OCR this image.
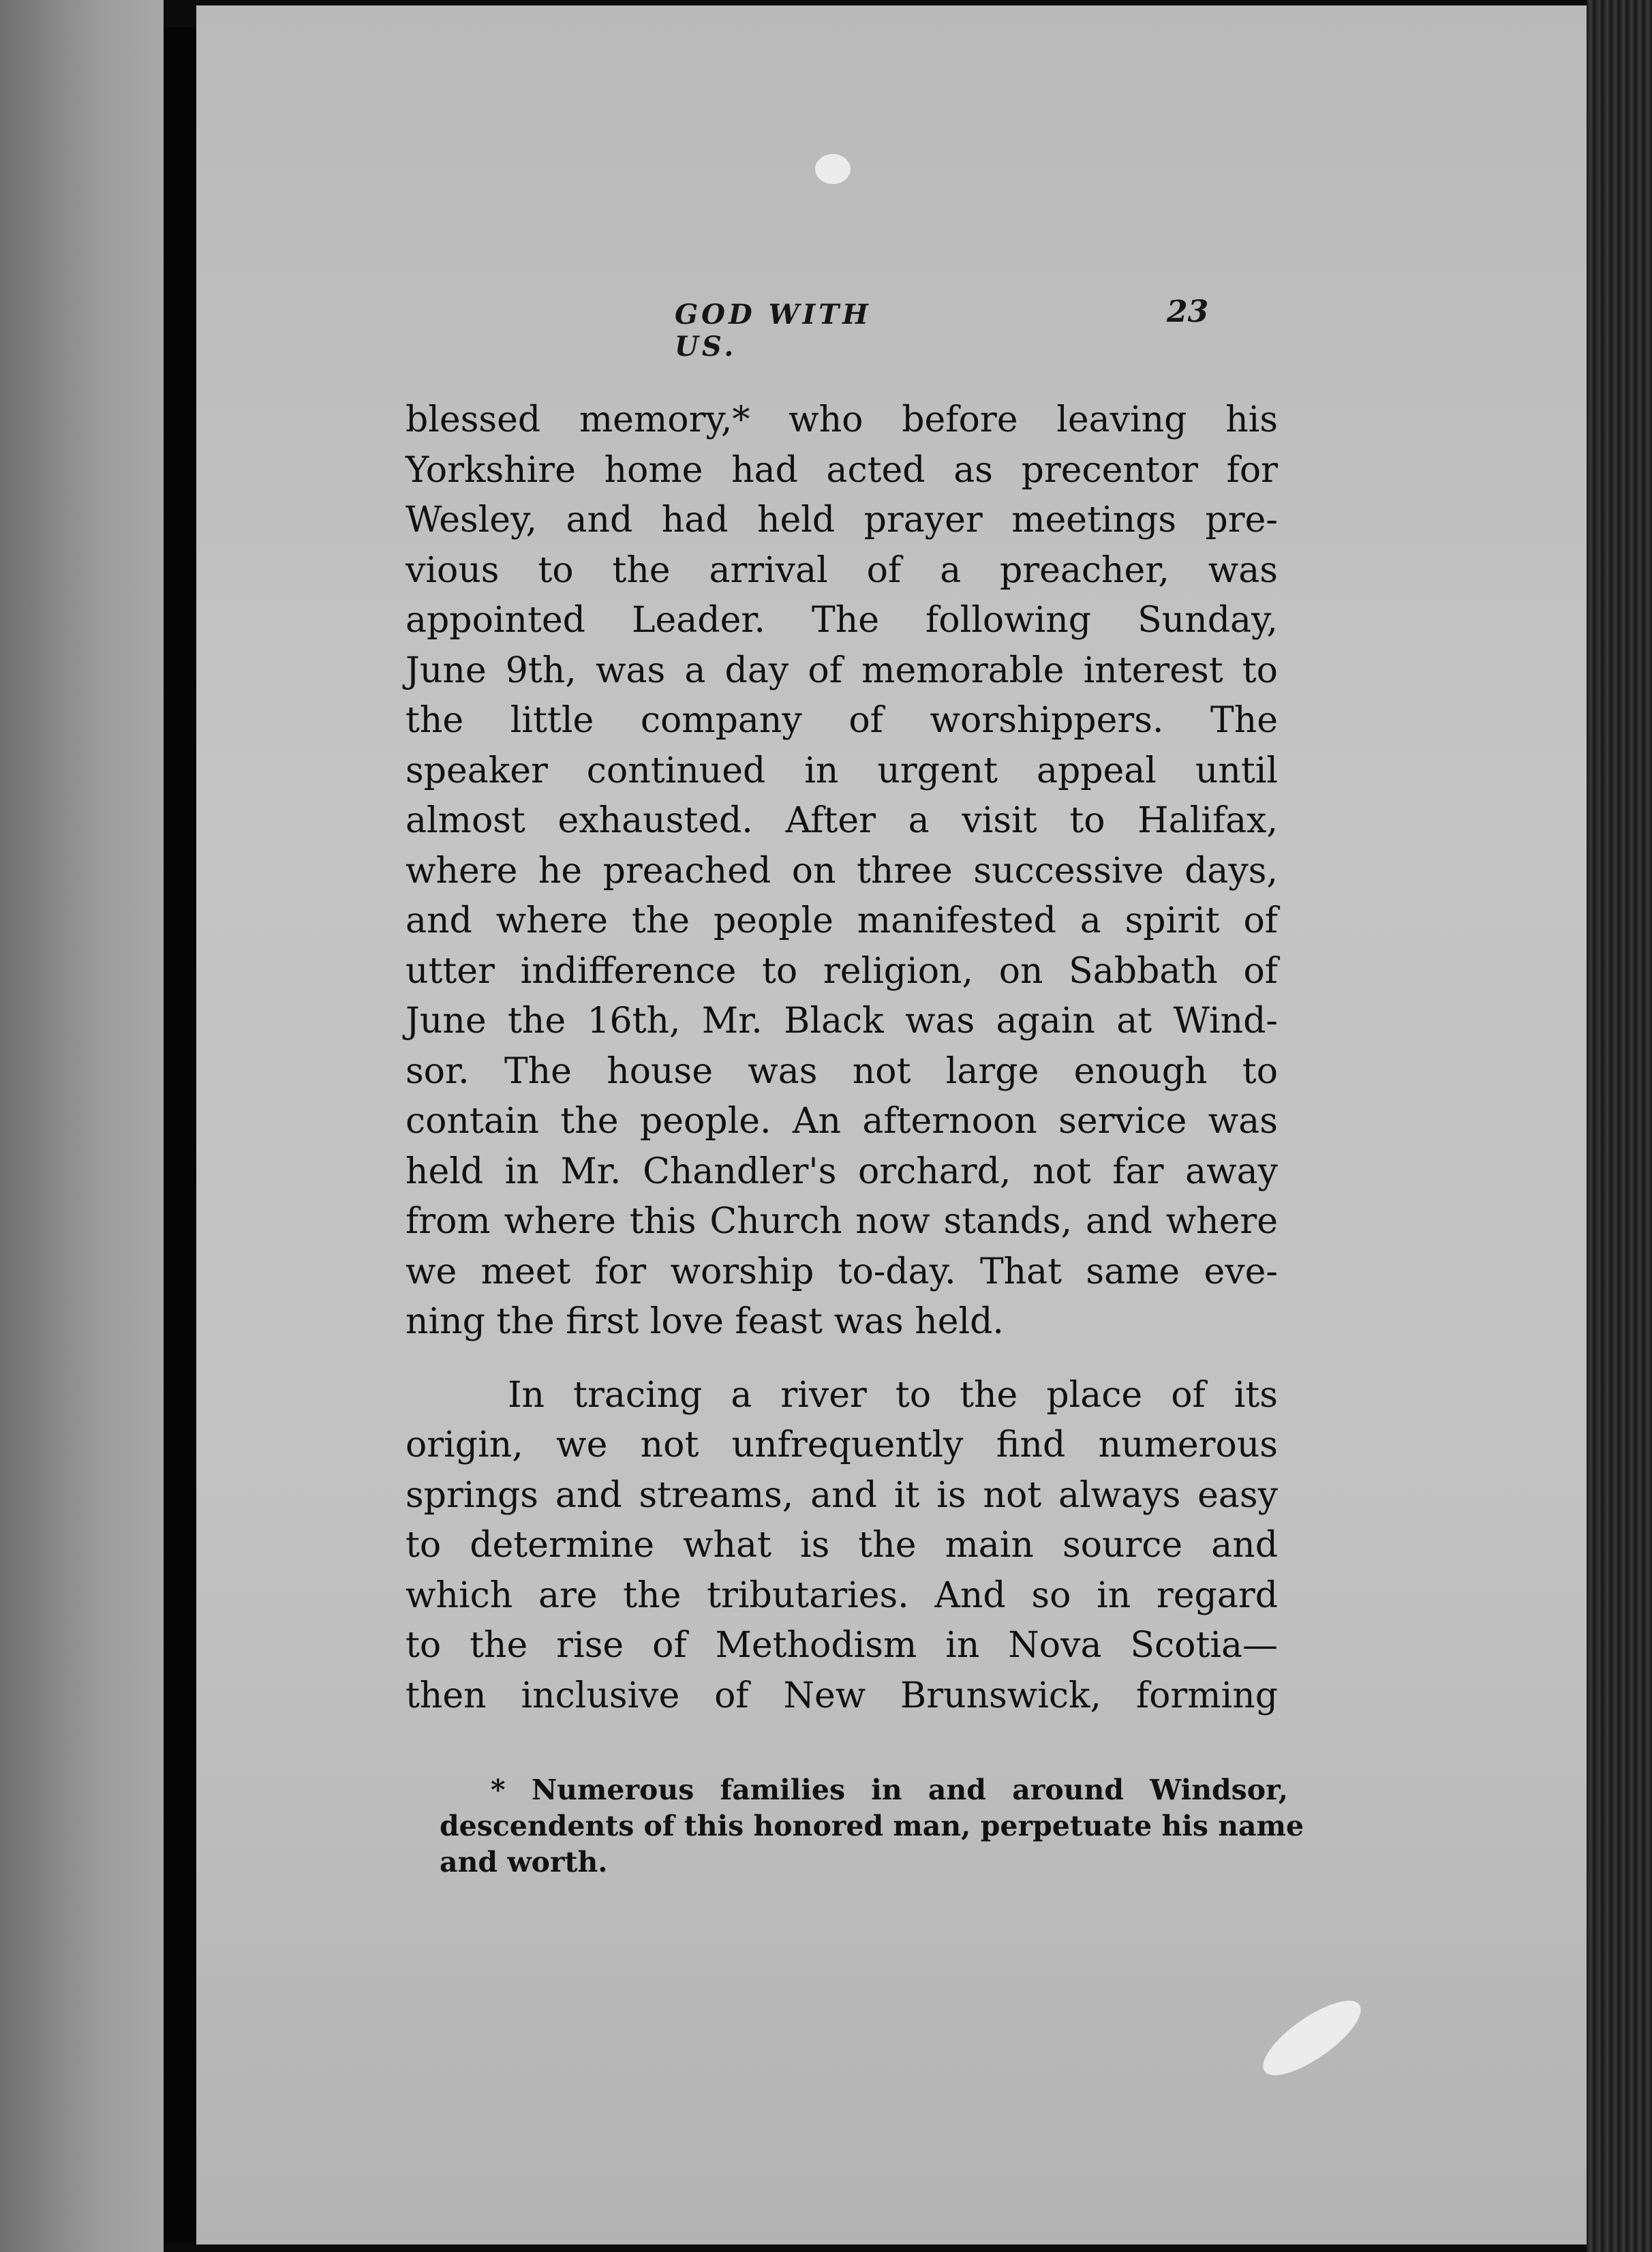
GOD WITH US.
23
blessed memory,* who before leaving his
Yorkshire home had acted as precentor for
Wesley, and had held prayer meetings pre-
vious to the arrival of a preacher, was
appointed Leader. The following Sunday,
June 9th, was a day of memorable interest to
the little company of worshippers. The
speaker continued in urgent appeal until
almost exhausted. After a visit to Halifax,
where he preached on three successive days,
and where the people manifested a spirit of
utter indifference to religion, on Sabbath of
June the 16th, Mr. Black was again at Wind-
sor. The house was not large enough to
contain the people. An afternoon service was
held in Mr. Chandler's orchard, not far away
from where this Church now stands, and where
we meet for worship to-day. That same eve-
ning the first love feast was held.
In tracing a river to the place of its
origin, we not unfrequently find numerous
springs and streams, and it is not always easy
to determine what is the main source and
which are the tributaries. And so in regard
to the rise of Methodism in Nova Scotia—
then inclusive of New Brunswick, forming
* Numerous families in and around Windsor,
descendents of this honored man, perpetuate his name
and worth.
